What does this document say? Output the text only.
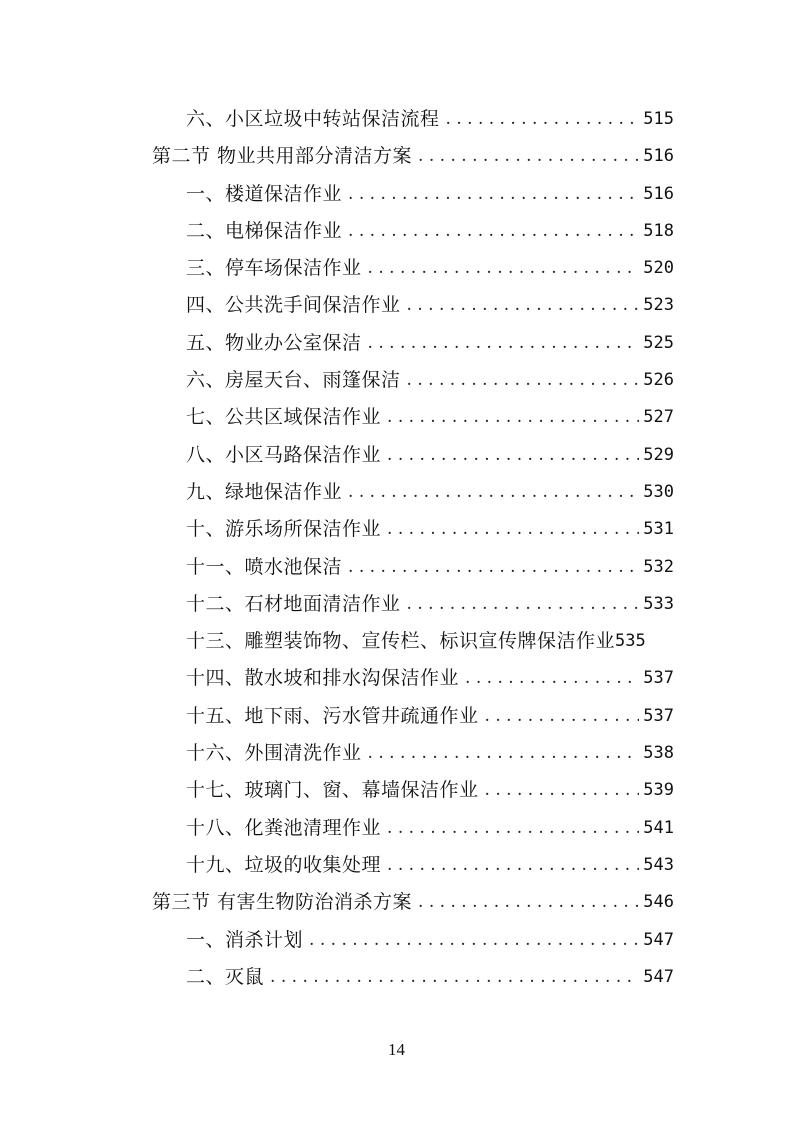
六、小区垃圾中转站保洁流程 . . .	515
第二节 物业共用部分清洁方案 . . .	516
一、楼道保洁作业 . . .	516
二、电梯保洁作业 . . .	518
三、停车场保洁作业 . . .	520
四、公共洗手间保洁作业 . . .	523
五、物业办公室保洁 . . .	525
六、房屋天台、雨篷保洁 . . .	526
七、公共区域保洁作业 . . .	527
八、小区马路保洁作业 . . .	529
九、绿地保洁作业 . . .	530
十、游乐场所保洁作业 . . .	531
十一、喷水池保洁 . . .	532
十二、石材地面清洁作业 . . .	533
十三、雕塑装饰物、宣传栏、标识宣传牌保洁作业 535
十四、散水坡和排水沟保洁作业 . . .	537
十五、地下雨、污水管井疏通作业 . . .	537
十六、外围清洗作业 . . .	538
十七、玻璃门、窗、幕墙保洁作业 . . .	539
十八、化粪池清理作业 . . .	541
十九、垃圾的收集处理 . . .	543
第三节 有害生物防治消杀方案 . . .	546
一、消杀计划 . . .	547
二、灭鼠 . . .	547
14
